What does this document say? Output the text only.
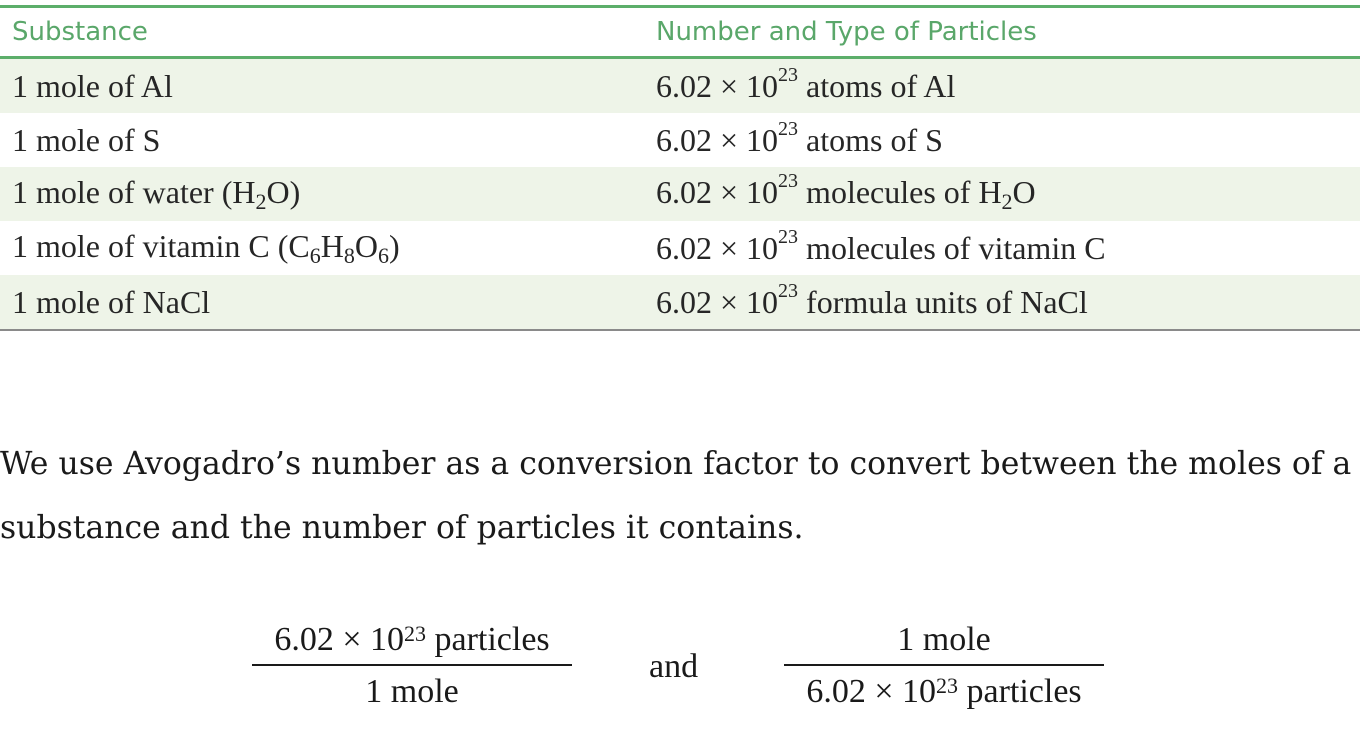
Substance	Number and Type of Particles
1 mole of Al	$6.02 \times 10^{23}$ atoms of Al
1 mole of S	$6.02 \times 10^{23}$ atoms of S
1 mole of water $(H_2O)$	$6.02 \times 10^{23}$ molecules of $H_2O$
1 mole of vitamin C $(C_6H_8O_6)$	$6.02 \times 10^{23}$ molecules of vitamin C
1 mole of NaCl	$6.02 \times 10^{23}$ formula units of NaCl

We use Avogadro’s number as a conversion factor to convert between the moles of a

substance and the number of particles it contains.

$6.02 \times 10^{23}$ particles
1 mole
and
1 mole
$6.02 \times 10^{23}$ particles
